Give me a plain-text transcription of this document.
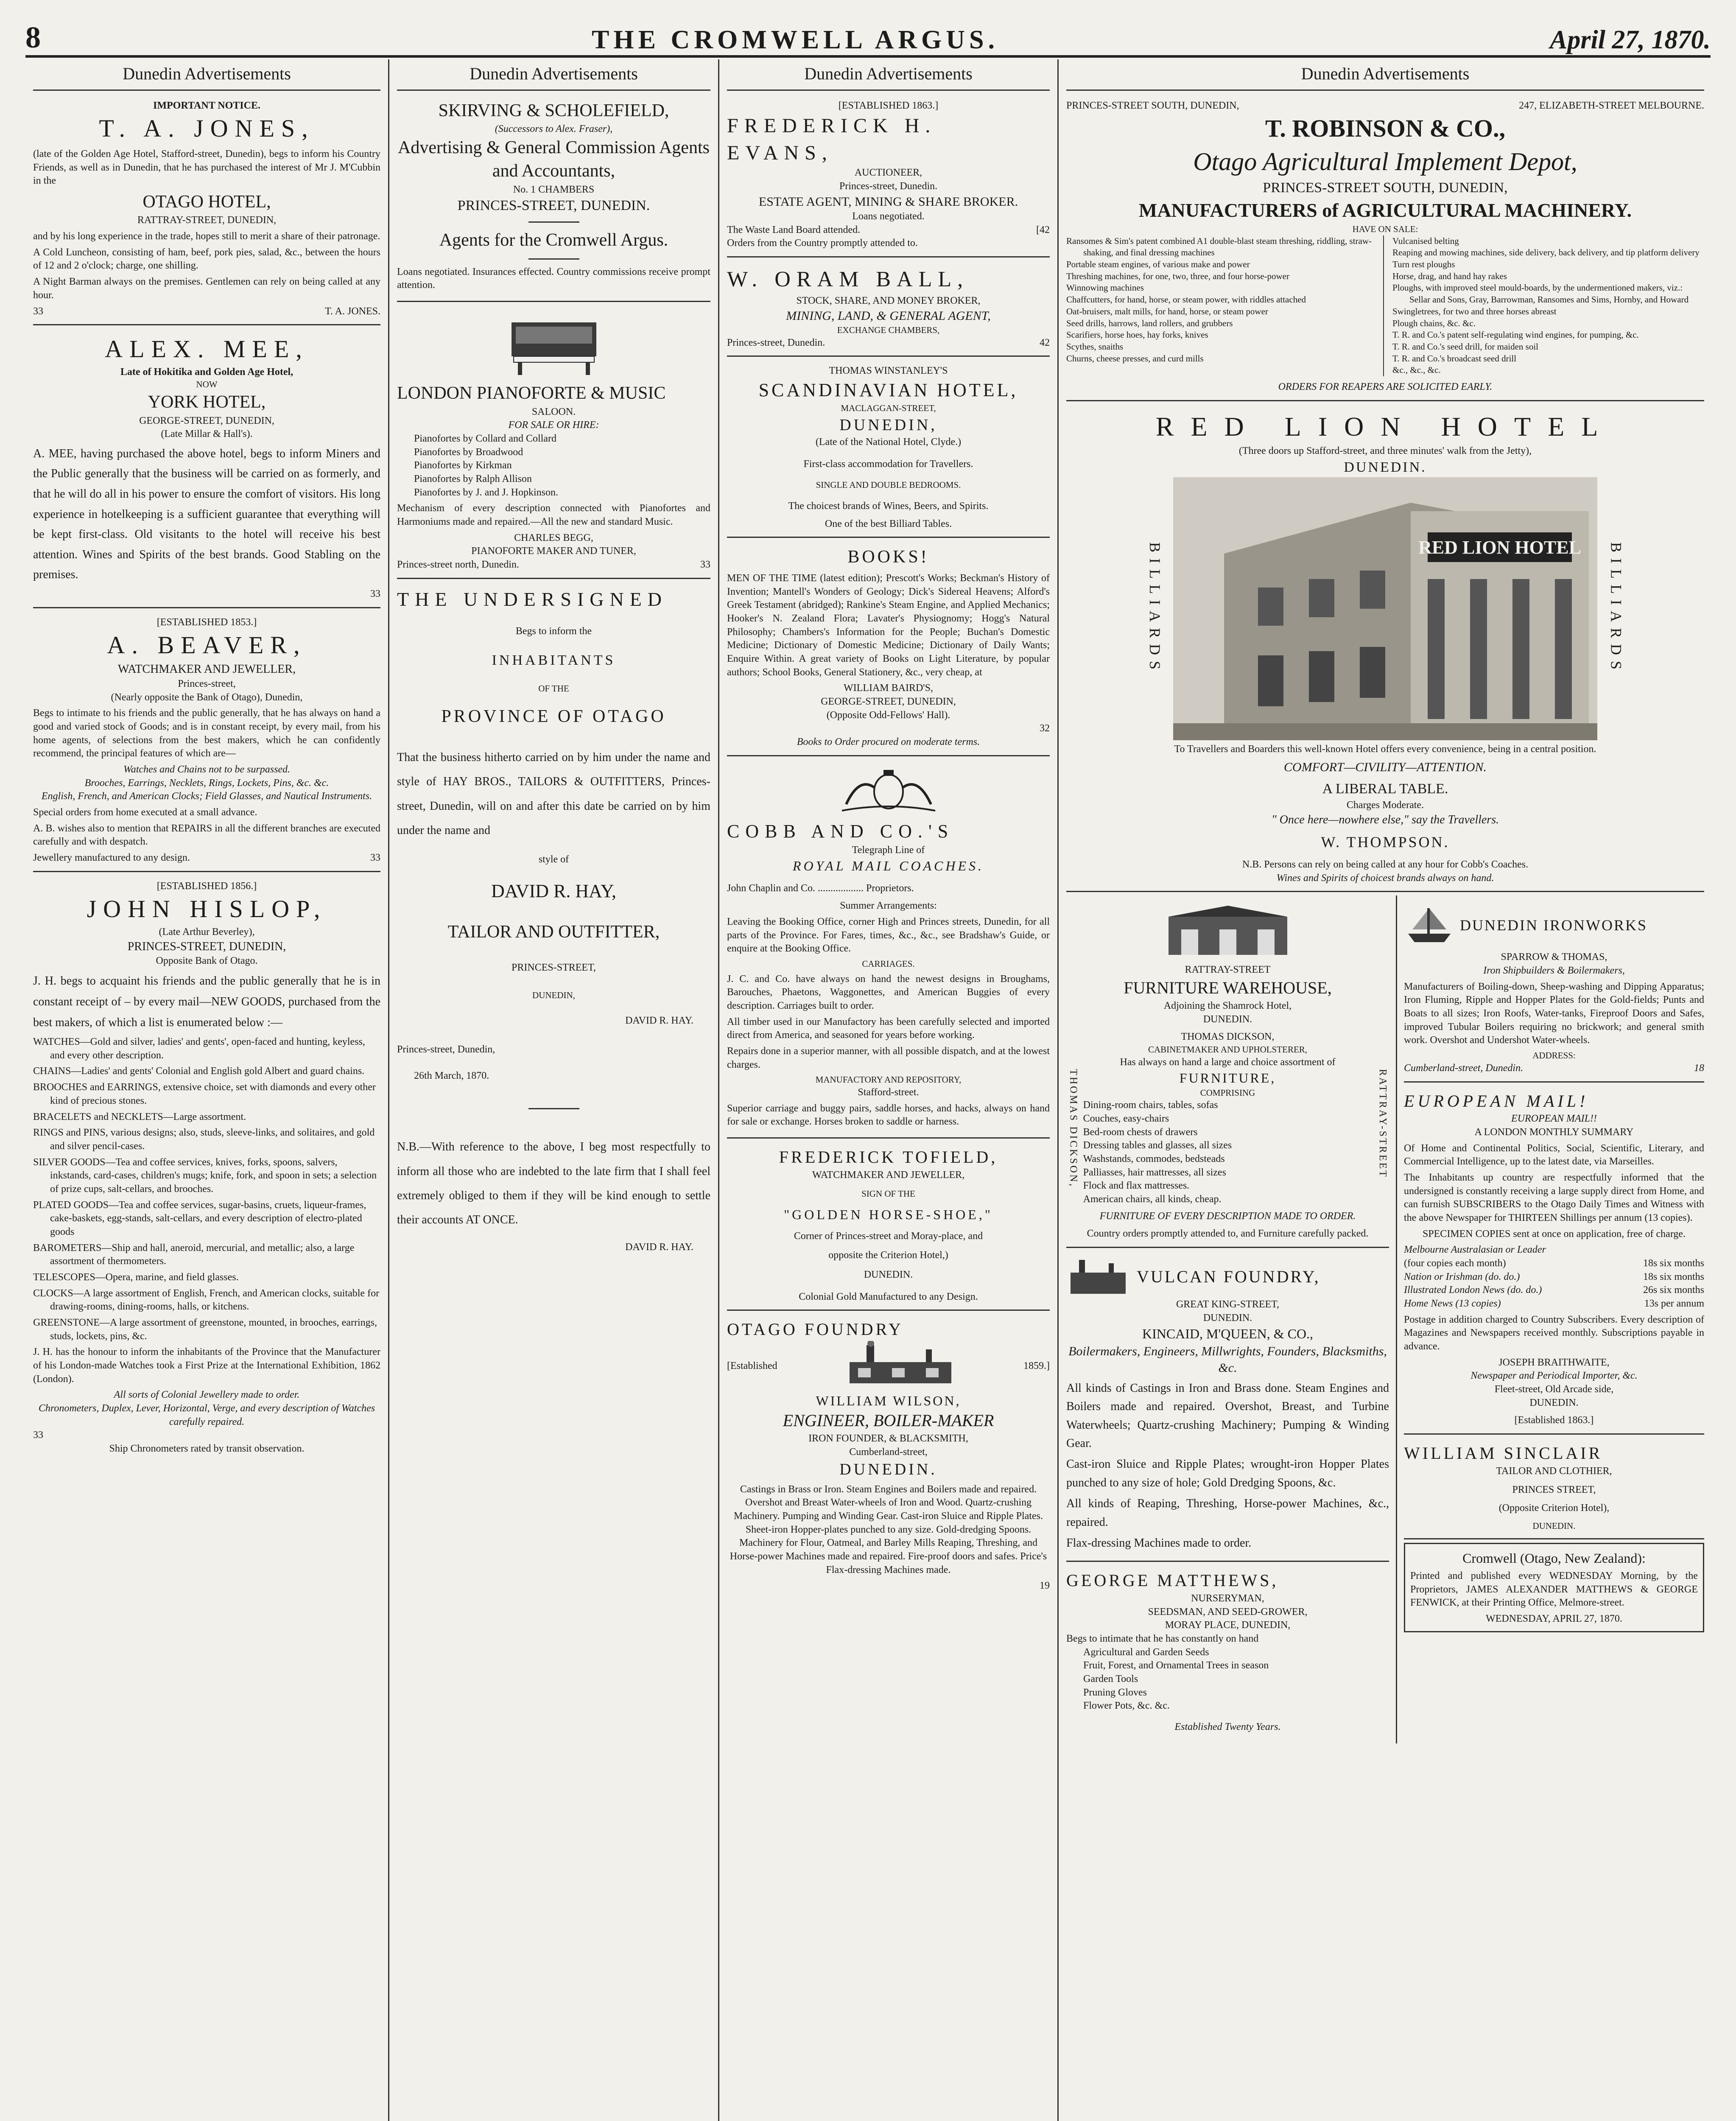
8	THE CROMWELL ARGUS.	April 27, 1870.
Dunedin Advertisements
IMPORTANT NOTICE.
T. A. JONES,

(late of the Golden Age Hotel, Stafford-street, Dunedin), begs to inform his Country Friends, as well as in Dunedin, that he has purchased the interest of Mr J. M'Cubbin in the

OTAGO HOTEL,
RATTRAY-STREET, DUNEDIN,

and by his long experience in the trade, hopes still to merit a share of their patronage.

A Cold Luncheon, consisting of ham, beef, pork pies, salad, &c., between the hours of 12 and 2 o'clock; charge, one shilling.

A Night Barman always on the premises. Gentlemen can rely on being called at any hour.

33	T. A. JONES.
ALEX. MEE,
Late of Hokitika and Golden Age Hotel,
NOW
YORK HOTEL,
GEORGE-STREET, DUNEDIN,
(Late Millar & Hall's).

A. MEE, having purchased the above hotel, begs to inform Miners and the Public generally that the business will be carried on as formerly, and that he will do all in his power to ensure the comfort of visitors. His long experience in hotelkeeping is a sufficient guarantee that everything will be kept first-class. Old visitants to the hotel will receive his best attention. Wines and Spirits of the best brands. Good Stabling on the premises.

33
[ESTABLISHED 1853.]
A. BEAVER,
WATCHMAKER AND JEWELLER,
Princes-street,
(Nearly opposite the Bank of Otago), Dunedin,

Begs to intimate to his friends and the public generally, that he has always on hand a good and varied stock of Goods; and is in constant receipt, by every mail, from his home agents, of selections from the best makers, which he can confidently recommend, the principal features of which are—

Watches and Chains not to be surpassed.
Brooches, Earrings, Necklets, Rings, Lockets, Pins, &c. &c.
English, French, and American Clocks; Field Glasses, and Nautical Instruments.

Special orders from home executed at a small advance.

A. B. wishes also to mention that REPAIRS in all the different branches are executed carefully and with despatch.

Jewellery manufactured to any design.	33
[ESTABLISHED 1856.]
JOHN HISLOP,
(Late Arthur Beverley),
PRINCES-STREET, DUNEDIN,
Opposite Bank of Otago.

J. H. begs to acquaint his friends and the public generally that he is in constant receipt of – by every mail—NEW GOODS, purchased from the best makers, of which a list is enumerated below :—

WATCHES—Gold and silver, ladies' and gents', open-faced and hunting, keyless, and every other description.

CHAINS—Ladies' and gents' Colonial and English gold Albert and guard chains.

BROOCHES and EARRINGS, extensive choice, set with diamonds and every other kind of precious stones.

BRACELETS and NECKLETS—Large assortment.

RINGS and PINS, various designs; also, studs, sleeve-links, and solitaires, and gold and silver pencil-cases.

SILVER GOODS—Tea and coffee services, knives, forks, spoons, salvers, inkstands, card-cases, children's mugs; knife, fork, and spoon in sets; a selection of prize cups, salt-cellars, and brooches.

PLATED GOODS—Tea and coffee services, sugar-basins, cruets, liqueur-frames, cake-baskets, egg-stands, salt-cellars, and every description of electro-plated goods

BAROMETERS—Ship and hall, aneroid, mercurial, and metallic; also, a large assortment of thermometers.

TELESCOPES—Opera, marine, and field glasses.

CLOCKS—A large assortment of English, French, and American clocks, suitable for drawing-rooms, dining-rooms, halls, or kitchens.

GREENSTONE—A large assortment of greenstone, mounted, in brooches, earrings, studs, lockets, pins, &c.

J. H. has the honour to inform the inhabitants of the Province that the Manufacturer of his London-made Watches took a First Prize at the International Exhibition, 1862 (London).

All sorts of Colonial Jewellery made to order.
Chronometers, Duplex, Lever, Horizontal, Verge, and every description of Watches carefully repaired.
33
Ship Chronometers rated by transit observation.
Dunedin Advertisements
SKIRVING & SCHOLEFIELD,
(Successors to Alex. Fraser),
Advertising & General Commission Agents and Accountants,
No. 1 CHAMBERS
PRINCES-STREET, DUNEDIN.
Agents for the Cromwell Argus.

Loans negotiated. Insurances effected. Country commissions receive prompt attention.

LONDON PIANOFORTE & MUSIC
SALOON.
FOR SALE OR HIRE:
Pianofortes by Collard and Collard
Pianofortes by Broadwood
Pianofortes by Kirkman
Pianofortes by Ralph Allison
Pianofortes by J. and J. Hopkinson.

Mechanism of every description connected with Pianofortes and Harmoniums made and repaired.—All the new and standard Music.

CHARLES BEGG,
PIANOFORTE MAKER AND TUNER,
Princes-street north, Dunedin.	33
THE UNDERSIGNED
Begs to inform the
INHABITANTS
OF THE
PROVINCE OF OTAGO

That the business hitherto carried on by him under the name and style of HAY BROS., TAILORS & OUTFITTERS, Princes-street, Dunedin, will on and after this date be carried on by him under the name and

style of
DAVID R. HAY,
TAILOR AND OUTFITTER,
PRINCES-STREET,
DUNEDIN,
DAVID R. HAY.
Princes-street, Dunedin,
26th March, 1870.

N.B.—With reference to the above, I beg most respectfully to inform all those who are indebted to the late firm that I shall feel extremely obliged to them if they will be kind enough to settle their accounts AT ONCE.

DAVID R. HAY.
Dunedin Advertisements
[ESTABLISHED 1863.]
FREDERICK H. EVANS,
AUCTIONEER,
Princes-street, Dunedin.
ESTATE AGENT, MINING & SHARE BROKER.
Loans negotiated.
The Waste Land Board attended.	[42
Orders from the Country promptly attended to.
W. ORAM BALL,
STOCK, SHARE, AND MONEY BROKER,
MINING, LAND, & GENERAL AGENT,
EXCHANGE CHAMBERS,
Princes-street, Dunedin.	42
THOMAS WINSTANLEY'S
SCANDINAVIAN HOTEL,
MACLAGGAN-STREET,
DUNEDIN,
(Late of the National Hotel, Clyde.)
First-class accommodation for Travellers.
SINGLE AND DOUBLE BEDROOMS.
The choicest brands of Wines, Beers, and Spirits.
One of the best Billiard Tables.
BOOKS!

MEN OF THE TIME (latest edition); Prescott's Works; Beckman's History of Invention; Mantell's Wonders of Geology; Dick's Sidereal Heavens; Alford's Greek Testament (abridged); Rankine's Steam Engine, and Applied Mechanics; Hooker's N. Zealand Flora; Lavater's Physiognomy; Hogg's Natural Philosophy; Chambers's Information for the People; Buchan's Domestic Medicine; Dictionary of Domestic Medicine; Dictionary of Daily Wants; Enquire Within. A great variety of Books on Light Literature, by popular authors; School Books, General Stationery, &c., very cheap, at

WILLIAM BAIRD'S,
GEORGE-STREET, DUNEDIN,
(Opposite Odd-Fellows' Hall).
32
Books to Order procured on moderate terms.
COBB AND CO.'S
Telegraph Line of
ROYAL MAIL COACHES.
John Chaplin and Co. .................. Proprietors.
Summer Arrangements:

Leaving the Booking Office, corner High and Princes streets, Dunedin, for all parts of the Province. For Fares, times, &c., &c., see Bradshaw's Guide, or enquire at the Booking Office.

CARRIAGES.

J. C. and Co. have always on hand the newest designs in Broughams, Barouches, Phaetons, Waggonettes, and American Buggies of every description. Carriages built to order.

All timber used in our Manufactory has been carefully selected and imported direct from America, and seasoned for years before working.

Repairs done in a superior manner, with all possible dispatch, and at the lowest charges.

MANUFACTORY AND REPOSITORY,
Stafford-street.

Superior carriage and buggy pairs, saddle horses, and hacks, always on hand for sale or exchange. Horses broken to saddle or harness.

FREDERICK TOFIELD,
WATCHMAKER AND JEWELLER,
SIGN OF THE
"GOLDEN HORSE-SHOE,"
Corner of Princes-street and Moray-place, and
opposite the Criterion Hotel,)
DUNEDIN.
Colonial Gold Manufactured to any Design.
OTAGO FOUNDRY
[Established	1859.]
WILLIAM WILSON,
ENGINEER, BOILER-MAKER
IRON FOUNDER, & BLACKSMITH,
Cumberland-street,
DUNEDIN.

Castings in Brass or Iron. Steam Engines and Boilers made and repaired. Overshot and Breast Water-wheels of Iron and Wood. Quartz-crushing Machinery. Pumping and Winding Gear. Cast-iron Sluice and Ripple Plates. Sheet-iron Hopper-plates punched to any size. Gold-dredging Spoons. Machinery for Flour, Oatmeal, and Barley Mills Reaping, Threshing, and Horse-power Machines made and repaired. Fire-proof doors and safes. Price's Flax-dressing Machines made.

19
Dunedin Advertisements
PRINCES-STREET SOUTH, DUNEDIN,	247, ELIZABETH-STREET MELBOURNE.
T. ROBINSON & CO.,
Otago Agricultural Implement Depot,
PRINCES-STREET SOUTH, DUNEDIN,
MANUFACTURERS of AGRICULTURAL MACHINERY.
HAVE ON SALE:
Ransomes & Sim's patent combined A1 double-blast steam threshing, riddling, straw-shaking, and final dressing machines
Portable steam engines, of various make and power
Threshing machines, for one, two, three, and four horse-power
Winnowing machines
Chaffcutters, for hand, horse, or steam power, with riddles attached
Oat-bruisers, malt mills, for hand, horse, or steam power
Seed drills, harrows, land rollers, and grubbers
Scarifiers, horse hoes, hay forks, knives
Scythes, snaiths
Churns, cheese presses, and curd mills
Vulcanised belting
Reaping and mowing machines, side delivery, back delivery, and tip platform delivery
Turn rest ploughs
Horse, drag, and hand hay rakes
Ploughs, with improved steel mould-boards, by the undermentioned makers, viz.: Sellar and Sons, Gray, Barrowman, Ransomes and Sims, Hornby, and Howard
Swingletrees, for two and three horses abreast
Plough chains, &c. &c.
T. R. and Co.'s patent self-regulating wind engines, for pumping, &c.
T. R. and Co.'s seed drill, for maiden soil
T. R. and Co.'s broadcast seed drill
&c., &c., &c.
ORDERS FOR REAPERS ARE SOLICITED EARLY.
RED LION HOTEL
(Three doors up Stafford-street, and three minutes' walk from the Jetty),
DUNEDIN.
BILLIARDS	RED LION HOTEL BILLIARDS

To Travellers and Boarders this well-known Hotel offers every convenience, being in a central position.

COMFORT—CIVILITY—ATTENTION.
A LIBERAL TABLE.
Charges Moderate.
" Once here—nowhere else," say the Travellers.
W. THOMPSON.
N.B. Persons can rely on being called at any hour for Cobb's Coaches.
Wines and Spirits of choicest brands always on hand.
RATTRAY-STREET
FURNITURE WAREHOUSE,
Adjoining the Shamrock Hotel,
DUNEDIN.
THOMAS DICKSON,
CABINETMAKER AND UPHOLSTERER,
Has always on hand a large and choice assortment of
THOMAS DICKSON,	FURNITURE,
COMPRISING
Dining-room chairs, tables, sofas
Couches, easy-chairs
Bed-room chests of drawers
Dressing tables and glasses, all sizes
Washstands, commodes, bedsteads
Palliasses, hair mattresses, all sizes
Flock and flax mattresses.
American chairs, all kinds, cheap.
RATTRAY-STREET
FURNITURE OF EVERY DESCRIPTION MADE TO ORDER.
Country orders promptly attended to, and Furniture carefully packed.
VULCAN FOUNDRY,
GREAT KING-STREET,
DUNEDIN.
KINCAID, M'QUEEN, & CO.,
Boilermakers, Engineers, Millwrights, Founders, Blacksmiths, &c.

All kinds of Castings in Iron and Brass done. Steam Engines and Boilers made and repaired. Overshot, Breast, and Turbine Waterwheels; Quartz-crushing Machinery; Pumping & Winding Gear.

Cast-iron Sluice and Ripple Plates; wrought-iron Hopper Plates punched to any size of hole; Gold Dredging Spoons, &c.

All kinds of Reaping, Threshing, Horse-power Machines, &c., repaired.

Flax-dressing Machines made to order.

GEORGE MATTHEWS,
NURSERYMAN,
SEEDSMAN, AND SEED-GROWER,
MORAY PLACE, DUNEDIN,
Begs to intimate that he has constantly on hand
Agricultural and Garden Seeds
Fruit, Forest, and Ornamental Trees in season
Garden Tools
Pruning Gloves
Flower Pots, &c. &c.
Established Twenty Years.
DUNEDIN IRONWORKS
SPARROW & THOMAS,
Iron Shipbuilders & Boilermakers,

Manufacturers of Boiling-down, Sheep-washing and Dipping Apparatus; Iron Fluming, Ripple and Hopper Plates for the Gold-fields; Punts and Boats to all sizes; Iron Roofs, Water-tanks, Fireproof Doors and Safes, improved Tubular Boilers requiring no brickwork; and general smith work. Overshot and Undershot Water-wheels.

ADDRESS:
Cumberland-street, Dunedin.	18
EUROPEAN MAIL!
EUROPEAN MAIL!!
A LONDON MONTHLY SUMMARY

Of Home and Continental Politics, Social, Scientific, Literary, and Commercial Intelligence, up to the latest date, via Marseilles.

The Inhabitants up country are respectfully informed that the undersigned is constantly receiving a large supply direct from Home, and can furnish SUBSCRIBERS to the Otago Daily Times and Witness with the above Newspaper for THIRTEEN Shillings per annum (13 copies).

SPECIMEN COPIES sent at once on application, free of charge.

Melbourne Australasian or Leader
(four copies each month)	18s six months
Nation or Irishman (do. do.)	18s six months
Illustrated London News (do. do.)	26s six months
Home News (13 copies)	13s per annum

Postage in addition charged to Country Subscribers. Every description of Magazines and Newspapers received monthly. Subscriptions payable in advance.

JOSEPH BRAITHWAITE,
Newspaper and Periodical Importer, &c.
Fleet-street, Old Arcade side,
DUNEDIN.
[Established 1863.]
WILLIAM SINCLAIR
TAILOR AND CLOTHIER,
PRINCES STREET,
(Opposite Criterion Hotel),
DUNEDIN.
Cromwell (Otago, New Zealand):

Printed and published every WEDNESDAY Morning, by the Proprietors, JAMES ALEXANDER MATTHEWS & GEORGE FENWICK, at their Printing Office, Melmore-street.

WEDNESDAY, APRIL 27, 1870.
